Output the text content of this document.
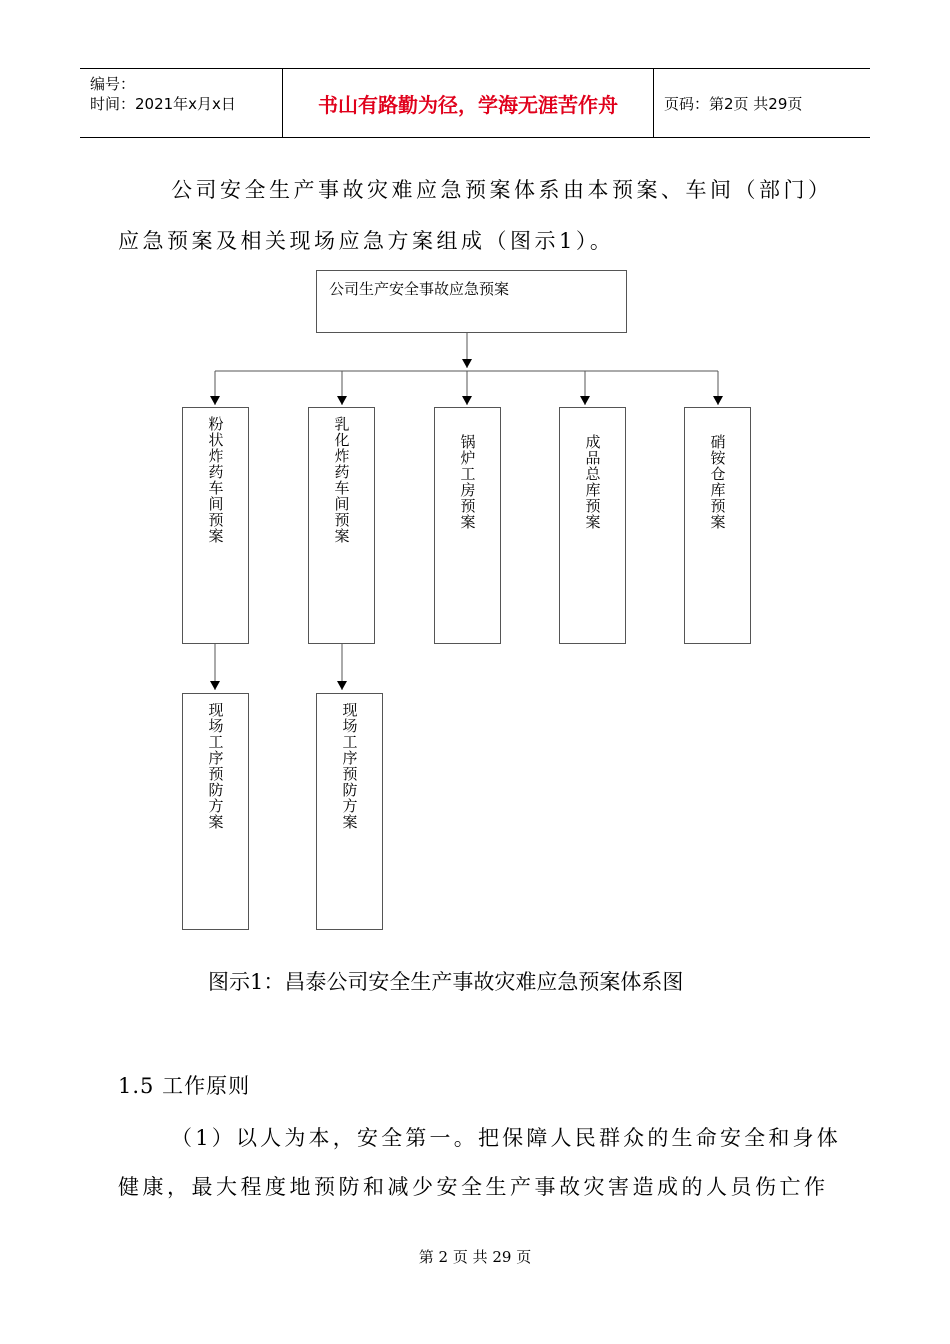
编号：
时间：2021年x月x日	书山有路勤为径，学海无涯苦作舟	页码：第2页 共29页
公司安全生产事故灾难应急预案体系由本预案、车间（部门）
应急预案及相关现场应急方案组成（图示1）。
公司生产安全事故应急预案
粉状炸药车间预案	乳化炸药车间预案	锅炉工房预案	成品总库预案	硝铵仓库预案
现场工序预防方案	现场工序预防方案
图示1：昌泰公司安全生产事故灾难应急预案体系图
1.5 工作原则
（1）以人为本，安全第一。把保障人民群众的生命安全和身体
健康，最大程度地预防和减少安全生产事故灾害造成的人员伤亡作
第 2 页 共 29 页
